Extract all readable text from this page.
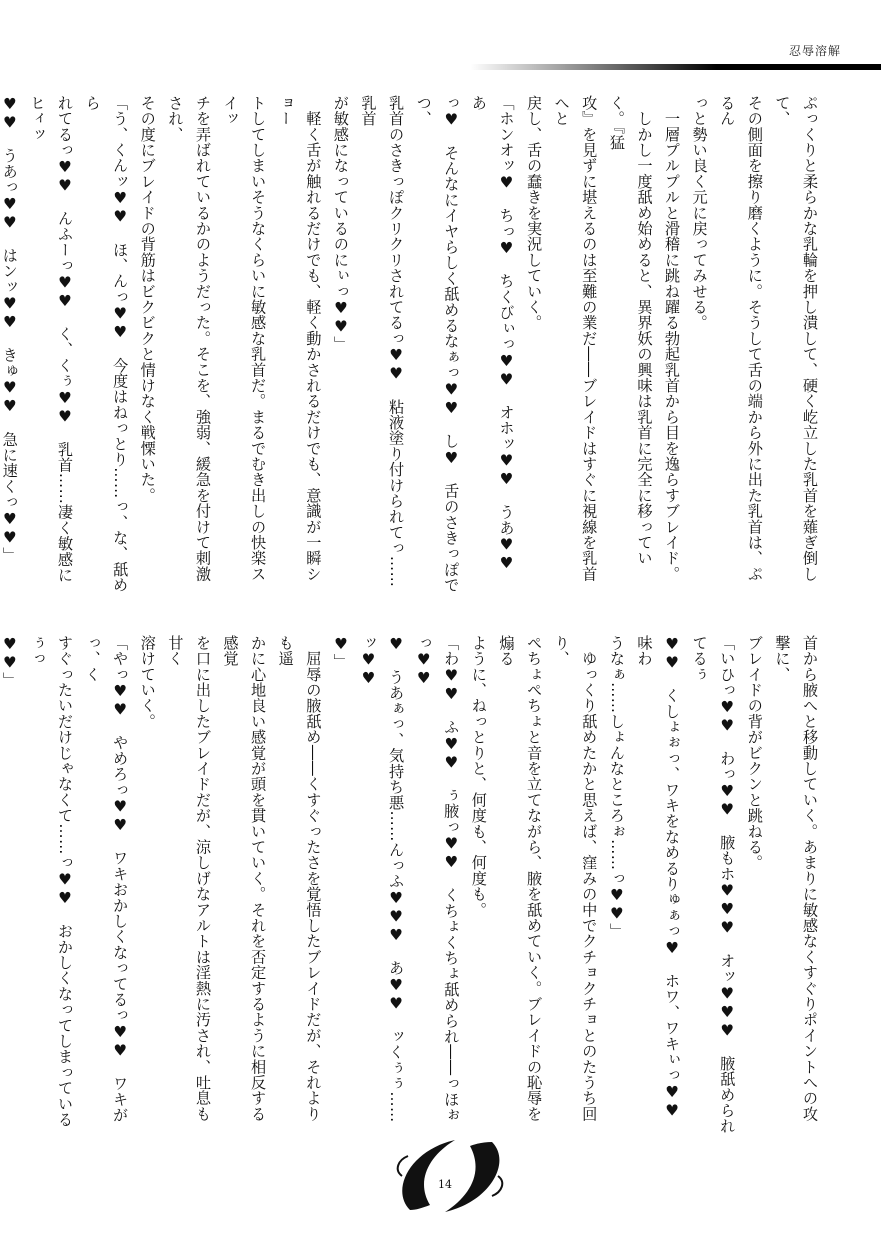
忍辱溶解
ぷっくりと柔らかな乳輪を押し潰して、硬く屹立した乳首を薙ぎ倒して、
その側面を擦り磨くように。そうして舌の端から外に出た乳首は、ぷるん
っと勢い良く元に戻ってみせる。
　一層プルプルと滑稽に跳ね躍る勃起乳首から目を逸らすブレイド。
　しかし一度舐め始めると、異界妖の興味は乳首に完全に移っていく。『猛
攻』を見ずに堪えるのは至難の業だ――ブレイドはすぐに視線を乳首へと
戻し、舌の蠢きを実況していく。
「ホンオッ♥　ちっ♥　ちくびぃっ♥♥　オホッ♥♥　うあ♥♥　あ
っ♥　そんなにイヤらしく舐めるなぁっ♥♥　し♥　舌のさきっぽでつ、
乳首のさきっぽクリクリされてるっ♥♥　粘液塗り付けられてっ……乳首
が敏感になっているのにぃっ♥♥」
　軽く舌が触れるだけでも、軽く動かされるだけでも、意識が一瞬ショー
トしてしまいそうなくらいに敏感な乳首だ。まるでむき出しの快楽スイッ
チを弄ばれているかのようだった。そこを、強弱、緩急を付けて刺激され、
その度にブレイドの背筋はビクビクと情けなく戦慄いた。
「う、くんッ♥♥　ほ、んっ♥♥　今度はねっとり……っ、な、舐めら
れてるっ♥♥　んふーっ♥♥　く、くぅ♥♥　乳首……凄く敏感にヒィッ
♥♥　うあっ♥♥　はンッ♥♥　きゅ♥♥　急に速くっ♥♥」
首から腋へと移動していく。あまりに敏感なくすぐりポイントへの攻撃に、
ブレイドの背がビクンと跳ねる。
「いひっ♥♥　わっ♥♥　腋もホ♥♥♥　オッ♥♥♥　腋舐められてるぅ
♥♥　くしょぉっ、ワキをなめるりゅぁっ♥　ホワ、ワキぃっ♥♥　味わ
うなぁ……しょんなところぉ……っ♥♥」
　ゆっくり舐めたかと思えば、窪みの中でクチョクチョとのたうち回り、
ぺちょぺちょと音を立てながら、腋を舐めていく。ブレイドの恥辱を煽る
ように、ねっとりと、何度も、何度も。
「わ♥♥　ふ♥♥　ぅ腋っ♥♥　くちょくちょ舐められ――っほぉっ♥♥
♥　うあぁっ、気持ち悪……んっふ♥♥♥　あ♥♥　ッくぅぅ……ッ♥♥
♥」
　屈辱の腋舐め――くすぐったさを覚悟したブレイドだが、それよりも遥
かに心地良い感覚が頭を貫いていく。それを否定するように相反する感覚
を口に出したブレイドだが、涼しげなアルトは淫熱に汚され、吐息も甘く
溶けていく。
「やっ♥♥　やめろっ♥♥　ワキおかしくなってるっ♥♥　ワキがっ、く
すぐったいだけじゃなくて……っ♥♥　おかしくなってしまっているぅっ
♥♥」
14
